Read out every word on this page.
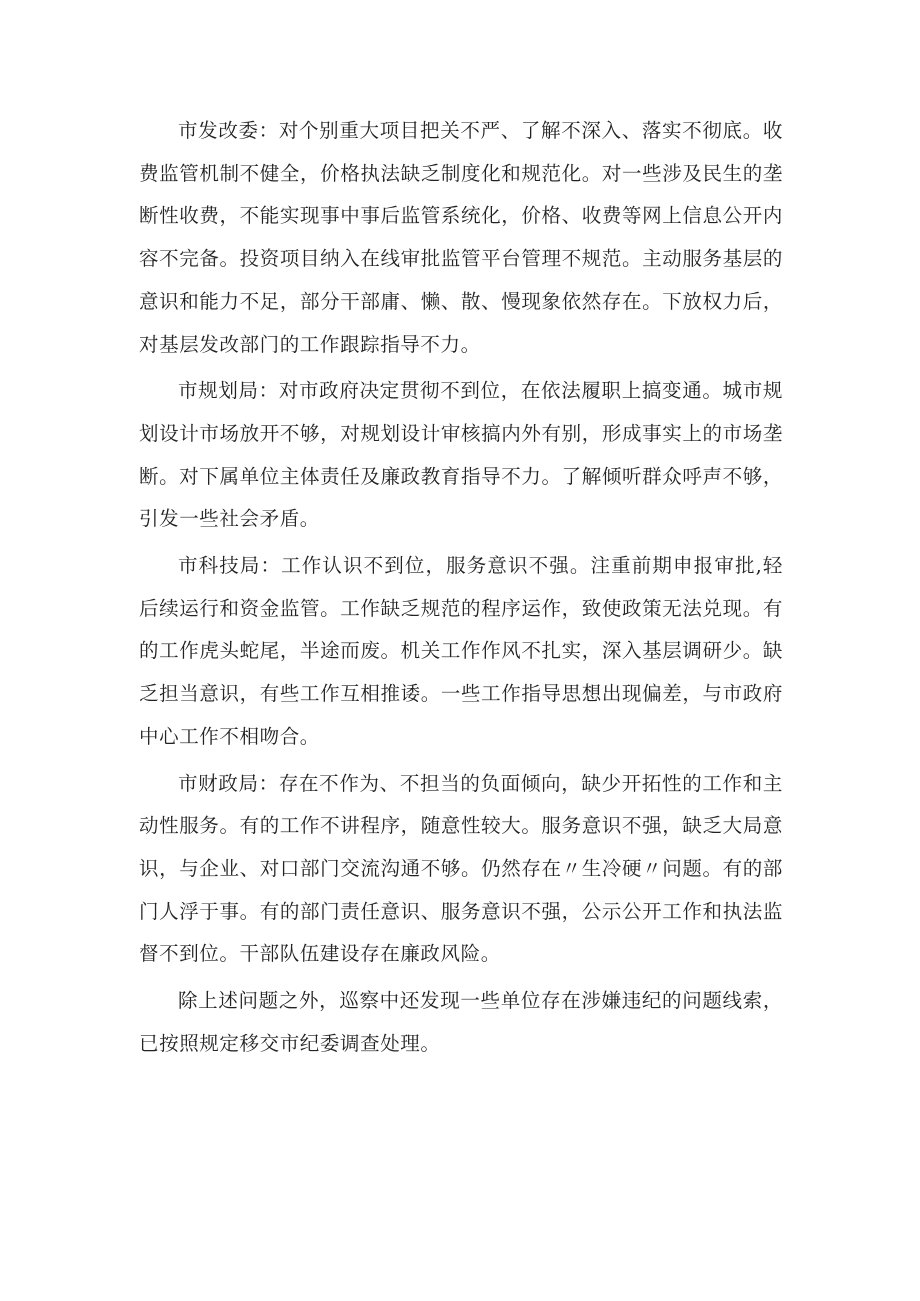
市发改委：对个别重大项目把关不严、了解不深入、落实不彻底。收费监管机制不健全，价格执法缺乏制度化和规范化。对一些涉及民生的垄断性收费，不能实现事中事后监管系统化，价格、收费等网上信息公开内容不完备。投资项目纳入在线审批监管平台管理不规范。主动服务基层的意识和能力不足，部分干部庸、懒、散、慢现象依然存在。下放权力后，对基层发改部门的工作跟踪指导不力。

市规划局：对市政府决定贯彻不到位，在依法履职上搞变通。城市规划设计市场放开不够，对规划设计审核搞内外有别，形成事实上的市场垄断。对下属单位主体责任及廉政教育指导不力。了解倾听群众呼声不够，引发一些社会矛盾。

市科技局：工作认识不到位，服务意识不强。注重前期申报审批,轻后续运行和资金监管。工作缺乏规范的程序运作，致使政策无法兑现。有的工作虎头蛇尾，半途而废。机关工作作风不扎实，深入基层调研少。缺乏担当意识，有些工作互相推诿。一些工作指导思想出现偏差，与市政府中心工作不相吻合。

市财政局：存在不作为、不担当的负面倾向，缺少开拓性的工作和主动性服务。有的工作不讲程序，随意性较大。服务意识不强，缺乏大局意识，与企业、对口部门交流沟通不够。仍然存在〃生冷硬〃问题。有的部门人浮于事。有的部门责任意识、服务意识不强，公示公开工作和执法监督不到位。干部队伍建设存在廉政风险。

除上述问题之外，巡察中还发现一些单位存在涉嫌违纪的问题线索，已按照规定移交市纪委调查处理。
